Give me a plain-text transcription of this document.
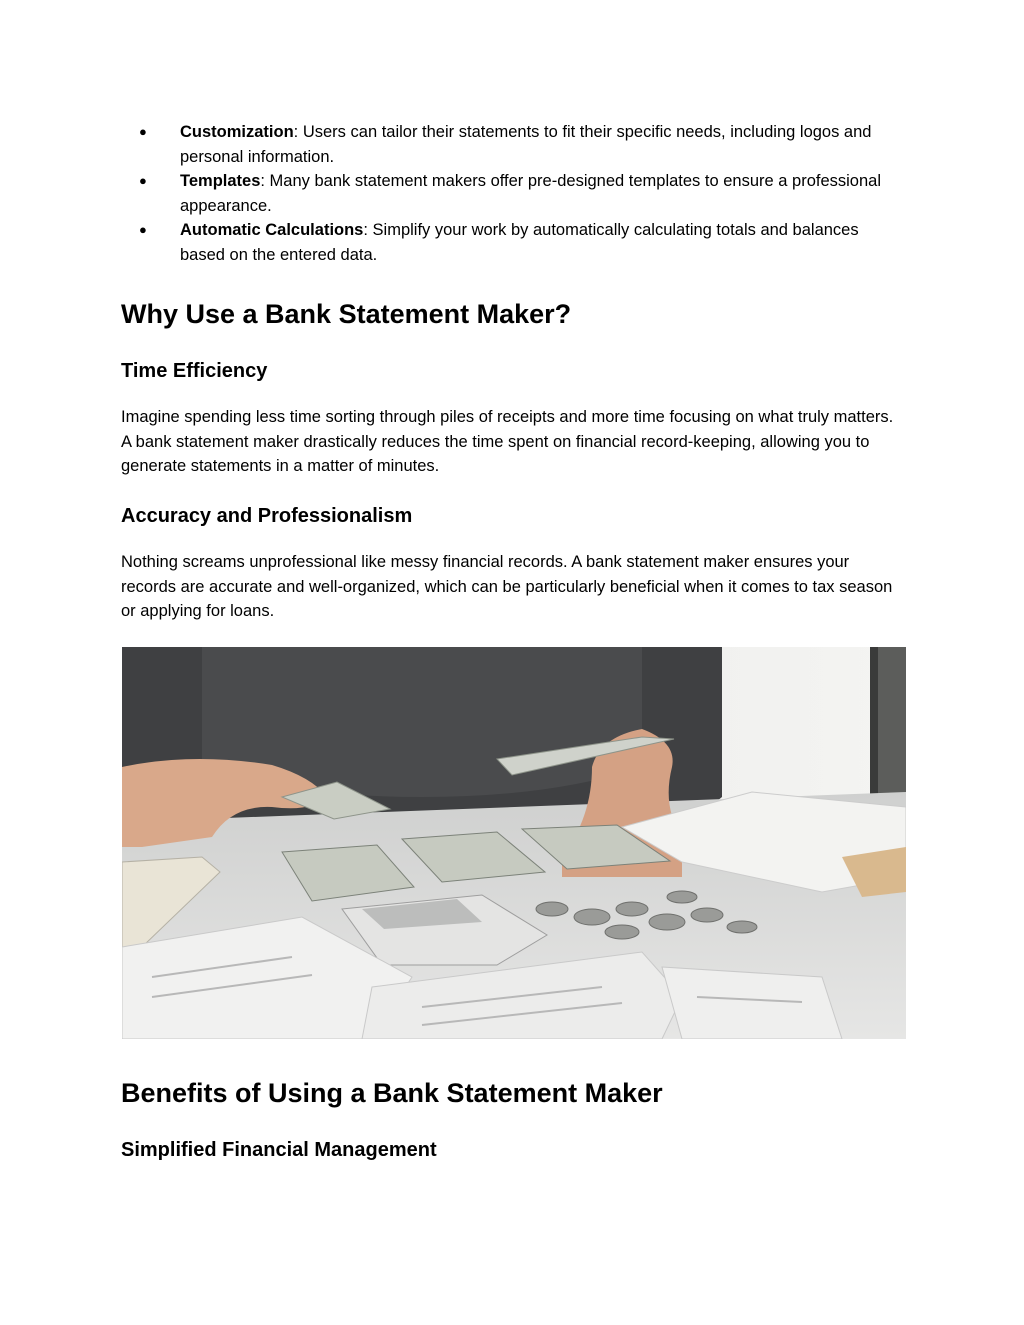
● Customization: Users can tailor their statements to fit their specific needs, including logos and personal information.
● Templates: Many bank statement makers offer pre-designed templates to ensure a professional appearance.
● Automatic Calculations: Simplify your work by automatically calculating totals and balances based on the entered data.
Why Use a Bank Statement Maker?
Time Efficiency

Imagine spending less time sorting through piles of receipts and more time focusing on what truly matters. A bank statement maker drastically reduces the time spent on financial record-keeping, allowing you to generate statements in a matter of minutes.

Accuracy and Professionalism

Nothing screams unprofessional like messy financial records. A bank statement maker ensures your records are accurate and well-organized, which can be particularly beneficial when it comes to tax season or applying for loans.

Benefits of Using a Bank Statement Maker
Simplified Financial Management
